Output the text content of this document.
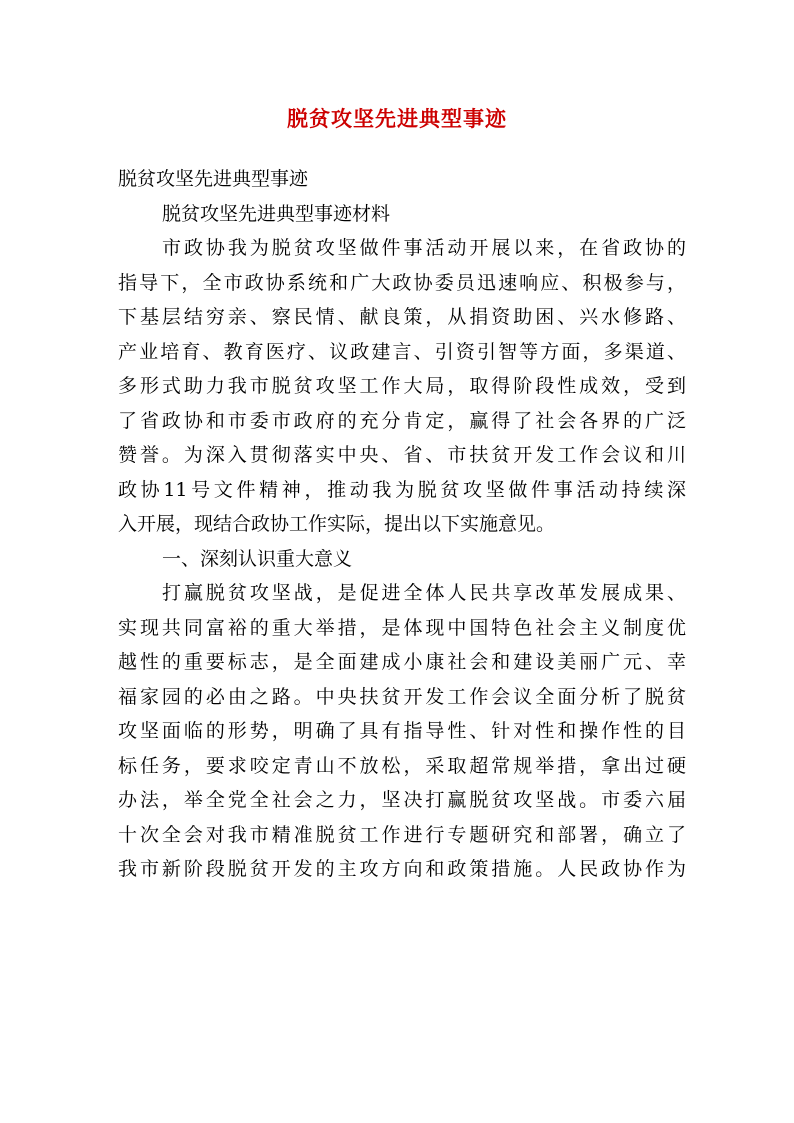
脱贫攻坚先进典型事迹
脱贫攻坚先进典型事迹
脱贫攻坚先进典型事迹材料
市政协我为脱贫攻坚做件事活动开展以来，在省政协的
指导下，全市政协系统和广大政协委员迅速响应、积极参与，
下基层结穷亲、察民情、献良策，从捐资助困、兴水修路、
产业培育、教育医疗、议政建言、引资引智等方面，多渠道、
多形式助力我市脱贫攻坚工作大局，取得阶段性成效，受到
了省政协和市委市政府的充分肯定，赢得了社会各界的广泛
赞誉。为深入贯彻落实中央、省、市扶贫开发工作会议和川
政协11号文件精神，推动我为脱贫攻坚做件事活动持续深
入开展，现结合政协工作实际，提出以下实施意见。
一、深刻认识重大意义
打赢脱贫攻坚战，是促进全体人民共享改革发展成果、
实现共同富裕的重大举措，是体现中国特色社会主义制度优
越性的重要标志，是全面建成小康社会和建设美丽广元、幸
福家园的必由之路。中央扶贫开发工作会议全面分析了脱贫
攻坚面临的形势，明确了具有指导性、针对性和操作性的目
标任务，要求咬定青山不放松，采取超常规举措，拿出过硬
办法，举全党全社会之力，坚决打赢脱贫攻坚战。市委六届
十次全会对我市精准脱贫工作进行专题研究和部署，确立了
我市新阶段脱贫开发的主攻方向和政策措施。人民政协作为
